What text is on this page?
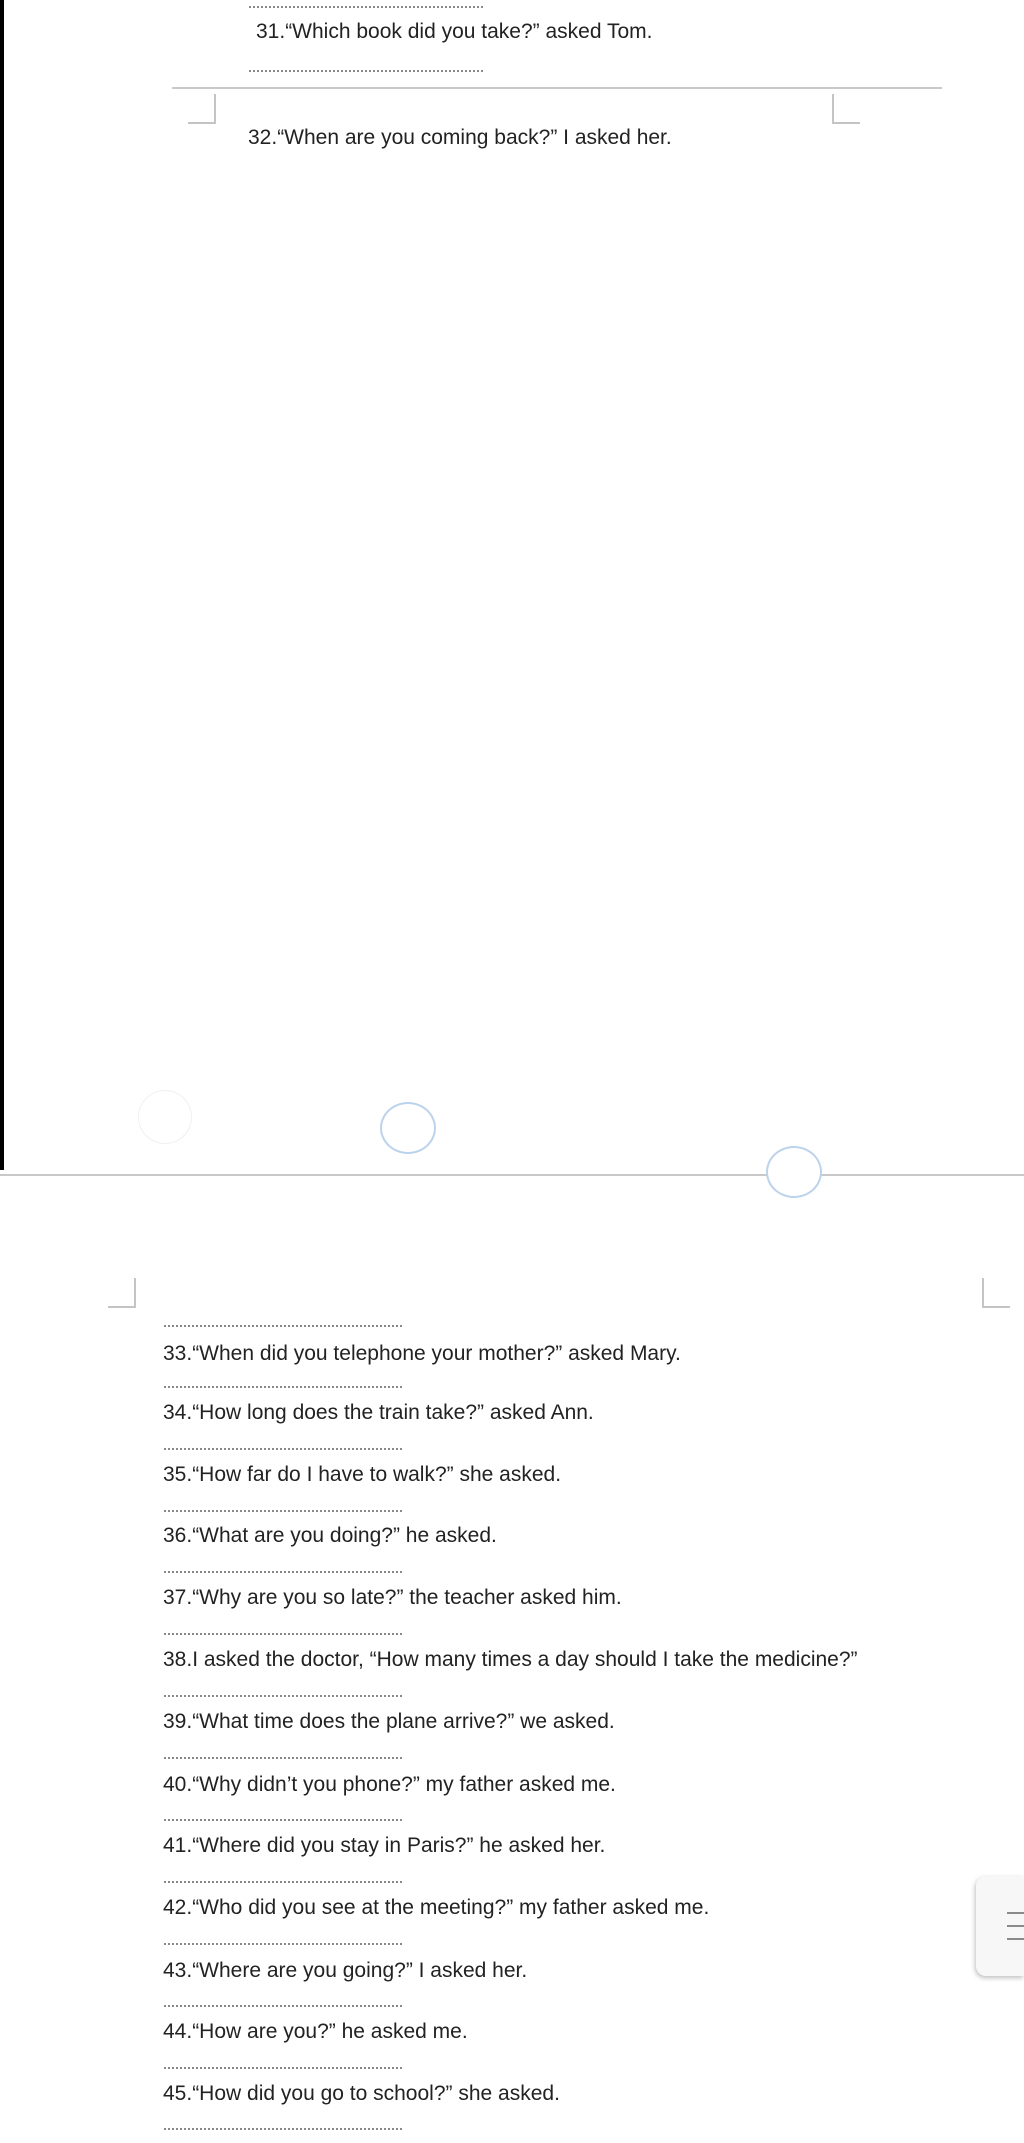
31.“Which book did you take?” asked Tom.
32.“When are you coming back?” I asked her.
33.“When did you telephone your mother?” asked Mary.
34.“How long does the train take?” asked Ann.
35.“How far do I have to walk?” she asked.
36.“What are you doing?” he asked.
37.“Why are you so late?” the teacher asked him.
38.I asked the doctor, “How many times a day should I take the medicine?”
39.“What time does the plane arrive?” we asked.
40.“Why didn’t you phone?” my father asked me.
41.“Where did you stay in Paris?” he asked her.
42.“Who did you see at the meeting?” my father asked me.
43.“Where are you going?” I asked her.
44.“How are you?” he asked me.
45.“How did you go to school?” she asked.
